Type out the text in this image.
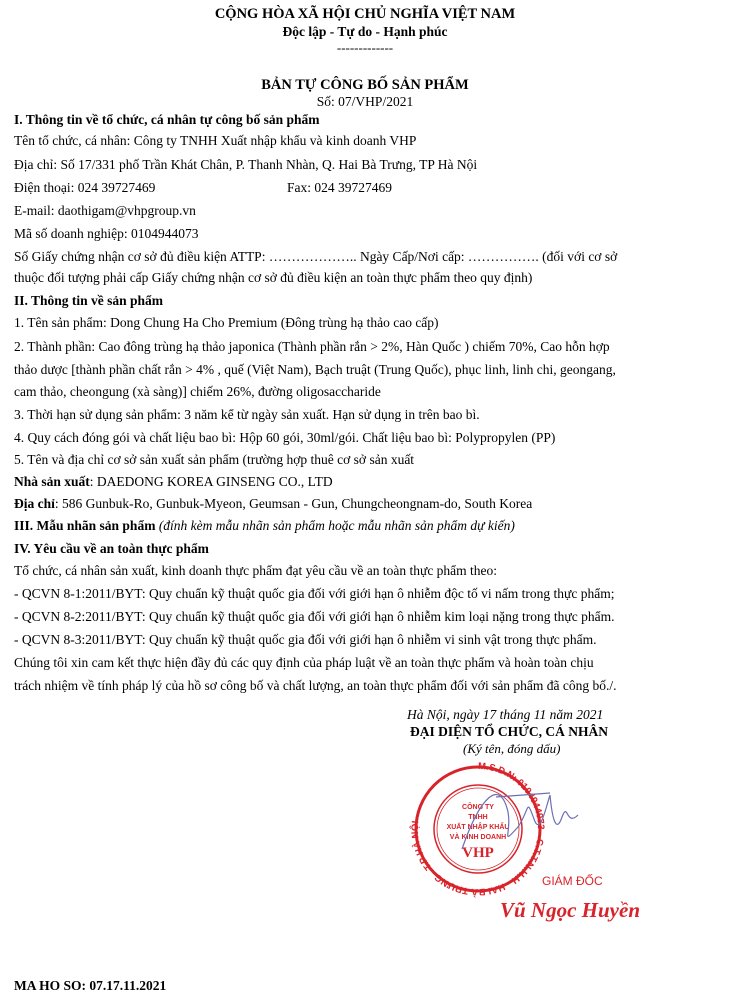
CỘNG HÒA XÃ HỘI CHỦ NGHĨA VIỆT NAM
Độc lập - Tự do - Hạnh phúc
-------------
BẢN TỰ CÔNG BỐ SẢN PHẨM
Số: 07/VHP/2021
I. Thông tin về tổ chức, cá nhân tự công bố sản phẩm
Tên tổ chức, cá nhân: Công ty TNHH Xuất nhập khẩu và kinh doanh VHP
Địa chỉ: Số 17/331 phố Trần Khát Chân, P. Thanh Nhàn, Q. Hai Bà Trưng, TP Hà Nội
Điện thoại: 024 39727469	Fax: 024 39727469
E-mail: daothigam@vhpgroup.vn
Mã số doanh nghiệp: 0104944073
Số Giấy chứng nhận cơ sở đủ điều kiện ATTP: ……………….. Ngày Cấp/Nơi cấp: ……………. (đối với cơ sở
thuộc đối tượng phải cấp Giấy chứng nhận cơ sở đủ điều kiện an toàn thực phẩm theo quy định)
II. Thông tin về sản phẩm
1. Tên sản phẩm: Dong Chung Ha Cho Premium (Đông trùng hạ thảo cao cấp)
2. Thành phần: Cao đông trùng hạ thảo japonica (Thành phần rắn > 2%, Hàn Quốc ) chiếm 70%, Cao hỗn hợp
thảo dược [thành phần chất rắn > 4% , quế (Việt Nam), Bạch truật (Trung Quốc), phục linh, linh chi, geongang,
cam thảo, cheongung (xà sàng)] chiếm 26%, đường oligosaccharide
3. Thời hạn sử dụng sản phẩm: 3 năm kể từ ngày sản xuất. Hạn sử dụng in trên bao bì.
4. Quy cách đóng gói và chất liệu bao bì: Hộp 60 gói, 30ml/gói. Chất liệu bao bì: Polypropylen (PP)
5. Tên và địa chỉ cơ sở sản xuất sản phẩm (trường hợp thuê cơ sở sản xuất
Nhà sản xuất: DAEDONG KOREA GINSENG CO., LTD
Địa chỉ: 586 Gunbuk-Ro, Gunbuk-Myeon, Geumsan - Gun, Chungcheongnam-do, South Korea
III. Mẫu nhãn sản phẩm (đính kèm mẫu nhãn sản phẩm hoặc mẫu nhãn sản phẩm dự kiến)
IV. Yêu cầu về an toàn thực phẩm
Tổ chức, cá nhân sản xuất, kinh doanh thực phẩm đạt yêu cầu về an toàn thực phẩm theo:
- QCVN 8-1:2011/BYT: Quy chuẩn kỹ thuật quốc gia đối với giới hạn ô nhiễm độc tố vi nấm trong thực phẩm;
- QCVN 8-2:2011/BYT: Quy chuẩn kỹ thuật quốc gia đối với giới hạn ô nhiễm kim loại nặng trong thực phẩm.
- QCVN 8-3:2011/BYT: Quy chuẩn kỹ thuật quốc gia đối với giới hạn ô nhiễm vi sinh vật trong thực phẩm.
Chúng tôi xin cam kết thực hiện đầy đủ các quy định của pháp luật về an toàn thực phẩm và hoàn toàn chịu
trách nhiệm về tính pháp lý của hồ sơ công bố và chất lượng, an toàn thực phẩm đối với sản phẩm đã công bố./.
Hà Nội, ngày 17 tháng 11 năm 2021
ĐẠI DIỆN TỔ CHỨC, CÁ NHÂN
(Ký tên, đóng dấu)
M.S.D.N: 0104944073 - C.T.T.N.H.H - HAI BÀ TRƯNG - T.P HÀ NỘI
CÔNG TY
TNHH
XUẤT NHẬP KHẨU
VÀ KINH DOANH
VHP
GIÁM ĐỐC
Vũ Ngọc Huyền
MA HO SO: 07.17.11.2021
